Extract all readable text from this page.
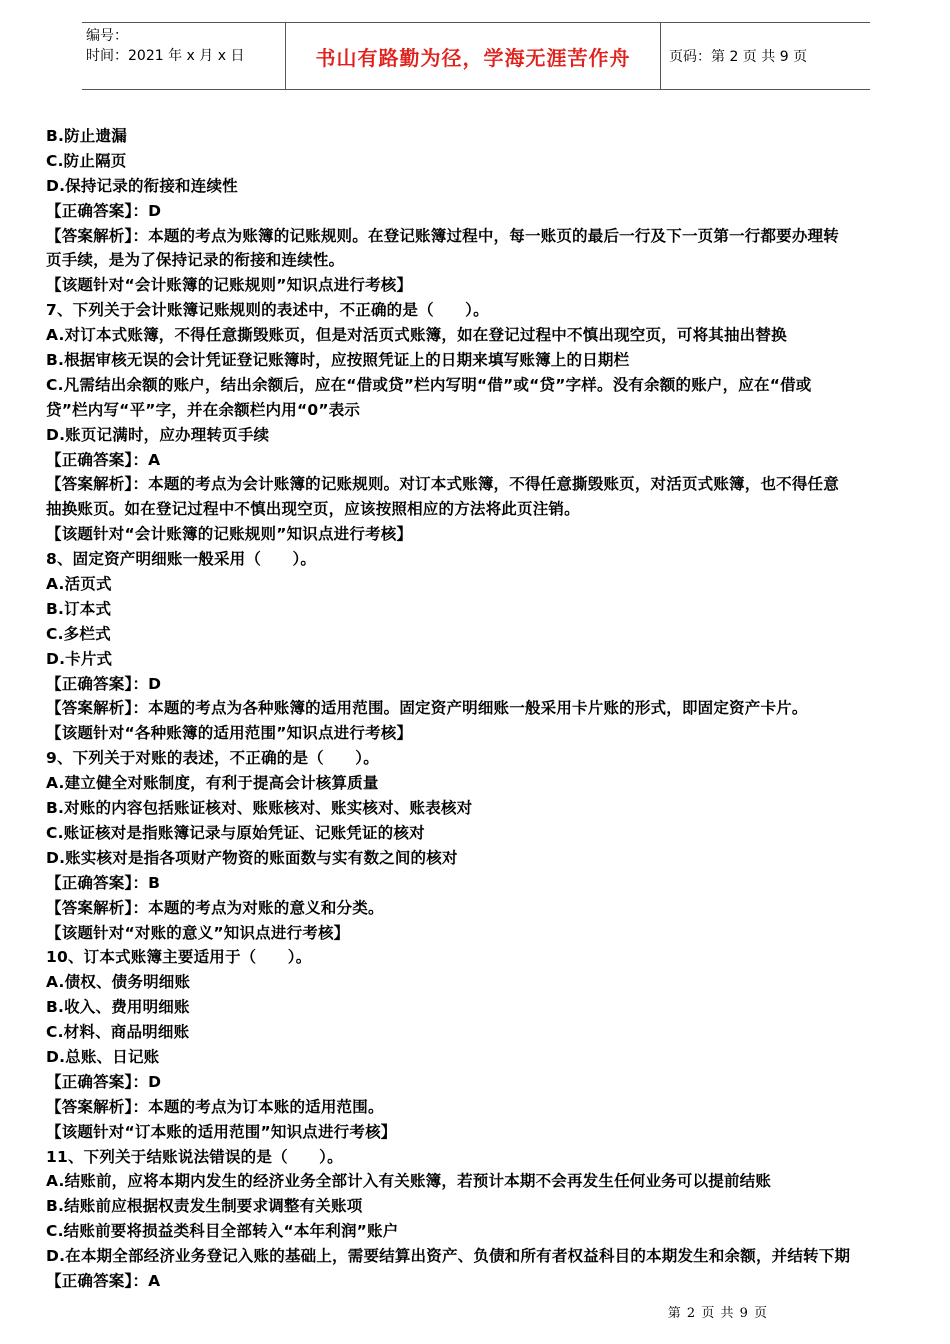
编号：
时间：2021 年 x 月 x 日	书山有路勤为径，学海无涯苦作舟	页码：第 2 页 共 9 页
B.防止遗漏
C.防止隔页
D.保持记录的衔接和连续性
【正确答案】：D
【答案解析】：本题的考点为账簿的记账规则。在登记账簿过程中，每一账页的最后一行及下一页第一行都要办理转
页手续，是为了保持记录的衔接和连续性。
【该题针对“会计账簿的记账规则”知识点进行考核】
7、下列关于会计账簿记账规则的表述中，不正确的是（　　）。
A.对订本式账簿，不得任意撕毁账页，但是对活页式账簿，如在登记过程中不慎出现空页，可将其抽出替换
B.根据审核无误的会计凭证登记账簿时，应按照凭证上的日期来填写账簿上的日期栏
C.凡需结出余额的账户，结出余额后，应在“借或贷”栏内写明“借”或“贷”字样。没有余额的账户，应在“借或
贷”栏内写“平”字，并在余额栏内用“0”表示
D.账页记满时，应办理转页手续
【正确答案】：A
【答案解析】：本题的考点为会计账簿的记账规则。对订本式账簿，不得任意撕毁账页，对活页式账簿，也不得任意
抽换账页。如在登记过程中不慎出现空页，应该按照相应的方法将此页注销。
【该题针对“会计账簿的记账规则”知识点进行考核】
8、固定资产明细账一般采用（　　）。
A.活页式
B.订本式
C.多栏式
D.卡片式
【正确答案】：D
【答案解析】：本题的考点为各种账簿的适用范围。固定资产明细账一般采用卡片账的形式，即固定资产卡片。
【该题针对“各种账簿的适用范围”知识点进行考核】
9、下列关于对账的表述，不正确的是（　　）。
A.建立健全对账制度，有利于提高会计核算质量
B.对账的内容包括账证核对、账账核对、账实核对、账表核对
C.账证核对是指账簿记录与原始凭证、记账凭证的核对
D.账实核对是指各项财产物资的账面数与实有数之间的核对
【正确答案】：B
【答案解析】：本题的考点为对账的意义和分类。
【该题针对“对账的意义”知识点进行考核】
10、订本式账簿主要适用于（　　）。
A.债权、债务明细账
B.收入、费用明细账
C.材料、商品明细账
D.总账、日记账
【正确答案】：D
【答案解析】：本题的考点为订本账的适用范围。
【该题针对“订本账的适用范围”知识点进行考核】
11、下列关于结账说法错误的是（　　）。
A.结账前，应将本期内发生的经济业务全部计入有关账簿，若预计本期不会再发生任何业务可以提前结账
B.结账前应根据权责发生制要求调整有关账项
C.结账前要将损益类科目全部转入“本年利润”账户
D.在本期全部经济业务登记入账的基础上，需要结算出资产、负债和所有者权益科目的本期发生和余额，并结转下期
【正确答案】：A
第 2 页 共 9 页
